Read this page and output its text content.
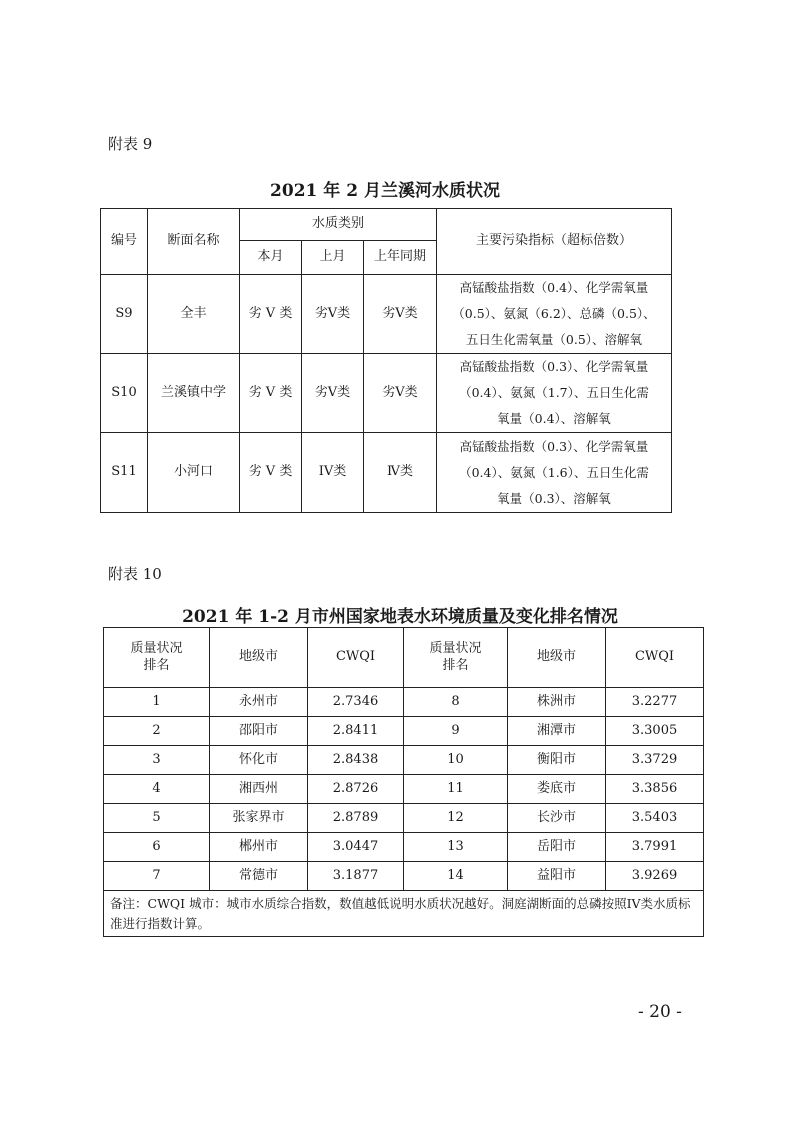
附表 9
2021 年 2 月兰溪河水质状况
编号	断面名称	水质类别			主要污染指标（超标倍数）
		本月	上月	上年同期	
S9	全丰	劣 V 类	劣V类	劣V类	高锰酸盐指数（0.4）、化学需氧量
（0.5）、氨氮（6.2）、总磷（0.5）、
五日生化需氧量（0.5）、溶解氧

S10	兰溪镇中学	劣 V 类	劣V类	劣V类	高锰酸盐指数（0.3）、化学需氧量
（0.4）、氨氮（1.7）、五日生化需
氧量（0.4）、溶解氧

S11	小河口	劣 V 类	IV类	Ⅳ类	高锰酸盐指数（0.3）、化学需氧量
（0.4）、氨氮（1.6）、五日生化需
氧量（0.3）、溶解氧
附表 10
2021 年 1-2 月市州国家地表水环境质量及变化排名情况
质量状况排名	地级市	CWQI	质量状况排名	地级市	CWQI
1	永州市	2.7346	8	株洲市	3.2277
2	邵阳市	2.8411	9	湘潭市	3.3005
3	怀化市	2.8438	10	衡阳市	3.3729
4	湘西州	2.8726	11	娄底市	3.3856
5	张家界市	2.8789	12	长沙市	3.5403
6	郴州市	3.0447	13	岳阳市	3.7991
7	常德市	3.1877	14	益阳市	3.9269
备注：CWQI 城市：城市水质综合指数，数值越低说明水质状况越好。洞庭湖断面的总磷按照IV类水质标准进行指数计算。					
- 20 -
